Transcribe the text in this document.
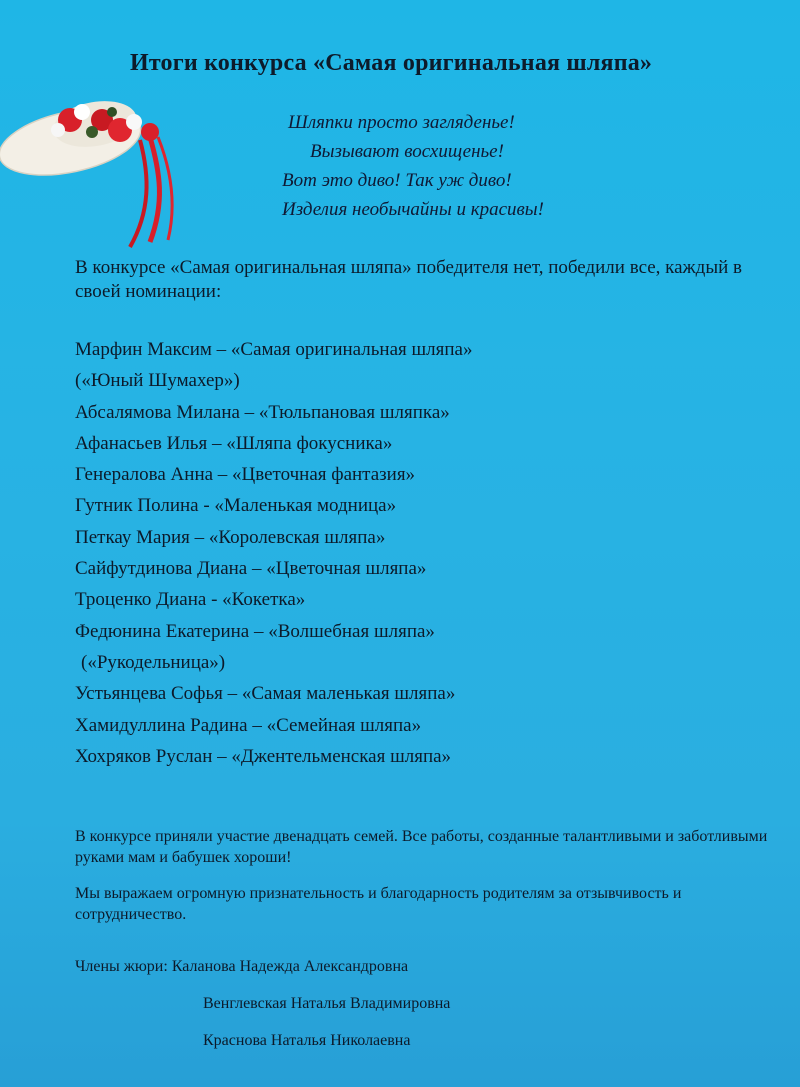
Итоги конкурса «Самая оригинальная шляпа»
Шляпки просто загляденье!
Вызывают восхищенье!
Вот это диво! Так уж диво!
Изделия необычайны и красивы!
В конкурсе «Самая оригинальная шляпа» победителя нет, победили все, каждый в своей номинации:
Марфин Максим – «Самая оригинальная шляпа»
(«Юный Шумахер»)
Абсалямова Милана – «Тюльпановая шляпка»
Афанасьев Илья – «Шляпа фокусника»
Генералова Анна – «Цветочная фантазия»
Гутник Полина - «Маленькая модница»
Петкау Мария – «Королевская шляпа»
Сайфутдинова Диана – «Цветочная шляпа»
Троценко Диана - «Кокетка»
Федюнина Екатерина – «Волшебная шляпа»
(«Рукодельница»)
Устьянцева Софья – «Самая маленькая шляпа»
Хамидуллина Радина – «Семейная шляпа»
Хохряков Руслан – «Джентельменская шляпа»

В конкурсе приняли участие двенадцать семей. Все работы, созданные талантливыми и заботливыми руками мам и бабушек хороши!

Мы выражаем огромную признательность и благодарность родителям за отзывчивость и сотрудничество.

Члены жюри: Каланова Надежда Александровна
Венглевская Наталья Владимировна
Краснова Наталья Николаевна
